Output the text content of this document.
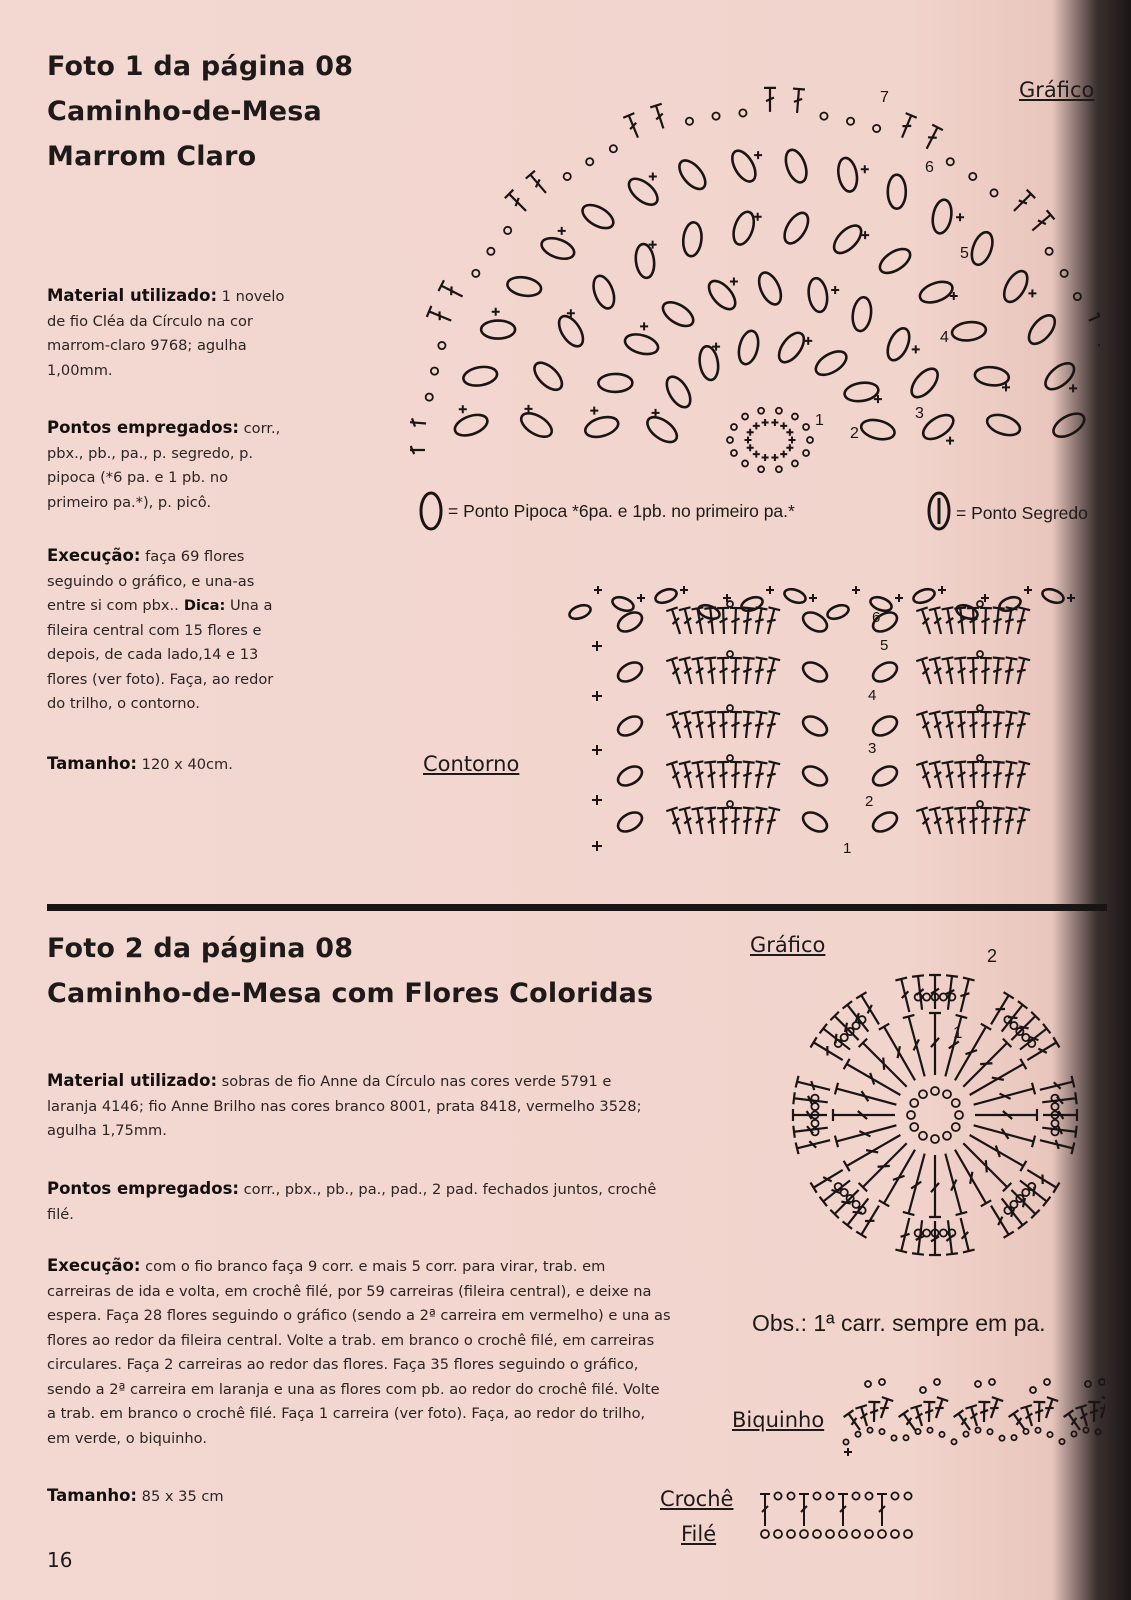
Foto 1 da página 08
Caminho-de-Mesa
Marrom Claro
Material utilizado: 1 novelo de fio Cléa da Círculo na cor marrom-claro 9768; agulha 1,00mm.
Pontos empregados: corr., pbx., pb., pa., p. segredo, p. pipoca (*6 pa. e 1 pb. no primeiro pa.*), p. picô.
Execução: faça 69 flores seguindo o gráfico, e una-as entre si com pbx.. Dica: Una a fileira central com 15 flores e depois, de cada lado,14 e 13 flores (ver foto). Faça, ao redor do trilho, o contorno.
Tamanho: 120 x 40cm.
Gráfico
1
2
3
4
5
6
7
= Ponto Pipoca *6pa. e 1pb. no primeiro pa.*	= Ponto Segredo
Contorno
1
2
3
4
5
6
Foto 2 da página 08
Caminho-de-Mesa com Flores Coloridas
Material utilizado: sobras de fio Anne da Círculo nas cores verde 5791 e laranja 4146; fio Anne Brilho nas cores branco 8001, prata 8418, vermelho 3528; agulha 1,75mm.
Pontos empregados: corr., pbx., pb., pa., pad., 2 pad. fechados juntos, crochê filé.
Execução: com o fio branco faça 9 corr. e mais 5 corr. para virar, trab. em carreiras de ida e volta, em crochê filé, por 59 carreiras (fileira central), e deixe na espera. Faça 28 flores seguindo o gráfico (sendo a 2ª carreira em vermelho) e una as flores ao redor da fileira central. Volte a trab. em branco o crochê filé, em carreiras circulares. Faça 2 carreiras ao redor das flores. Faça 35 flores seguindo o gráfico, sendo a 2ª carreira em laranja e una as flores com pb. ao redor do crochê filé. Volte a trab. em branco o crochê filé. Faça 1 carreira (ver foto). Faça, ao redor do trilho, em verde, o biquinho.
Tamanho: 85 x 35 cm
Gráfico
1
2
Obs.: 1ª carr. sempre em pa.
Biquinho
Crochê
Filé
16
